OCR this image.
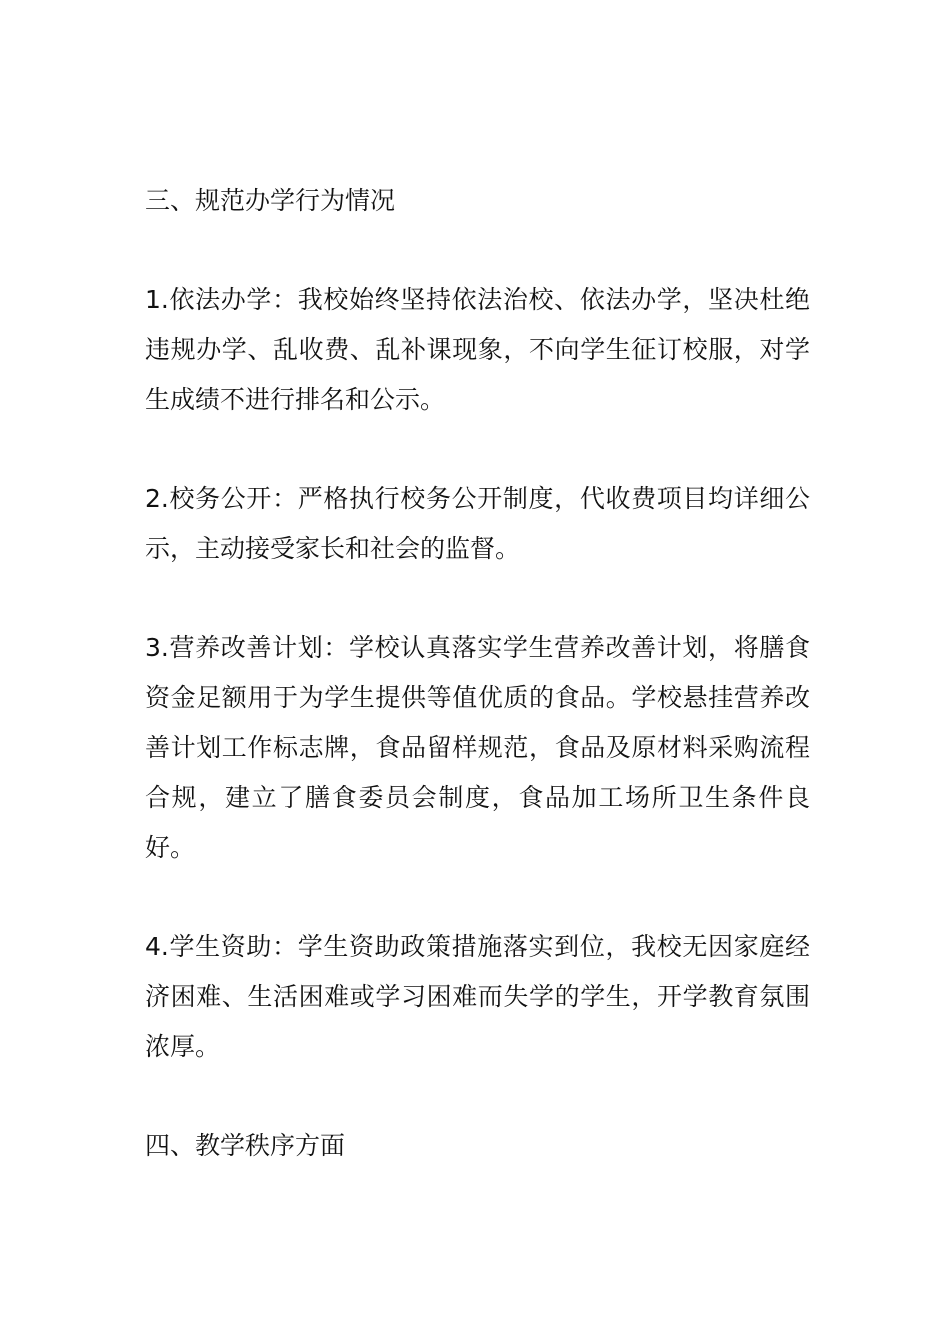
三、规范办学行为情况

1.依法办学：我校始终坚持依法治校、依法办学，坚决杜绝违规办学、乱收费、乱补课现象，不向学生征订校服，对学生成绩不进行排名和公示。

2.校务公开：严格执行校务公开制度，代收费项目均详细公示，主动接受家长和社会的监督。

3.营养改善计划：学校认真落实学生营养改善计划，将膳食资金足额用于为学生提供等值优质的食品。学校悬挂营养改善计划工作标志牌，食品留样规范，食品及原材料采购流程合规，建立了膳食委员会制度，食品加工场所卫生条件良好。

4.学生资助：学生资助政策措施落实到位，我校无因家庭经济困难、生活困难或学习困难而失学的学生，开学教育氛围浓厚。

四、教学秩序方面
